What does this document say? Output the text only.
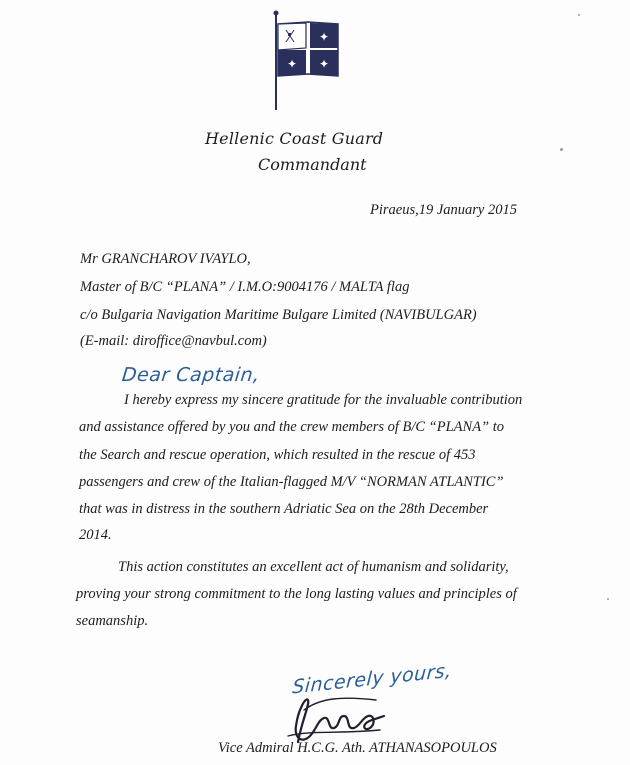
✦
✦ ✦
Hellenic Coast Guard
Commandant
Piraeus,19 January 2015
Mr GRANCHAROV IVAYLO,
Master of B/C “PLANA” / I.M.O:9004176 / MALTA flag
c/o Bulgaria Navigation Maritime Bulgare Limited (NAVIBULGAR)
(E-mail: diroffice@navbul.com)
Dear Captain,
I hereby express my sincere gratitude for the invaluable contribution
and assistance offered by you and the crew members of B/C “PLANA” to
the Search and rescue operation, which resulted in the rescue of 453
passengers and crew of the Italian-flagged M/V “NORMAN ATLANTIC”
that was in distress in the southern Adriatic Sea on the 28th December
2014.
This action constitutes an excellent act of humanism and solidarity,
proving your strong commitment to the long lasting values and principles of
seamanship.
Sincerely yours,
Vice Admiral H.C.G. Ath. ATHANASOPOULOS
